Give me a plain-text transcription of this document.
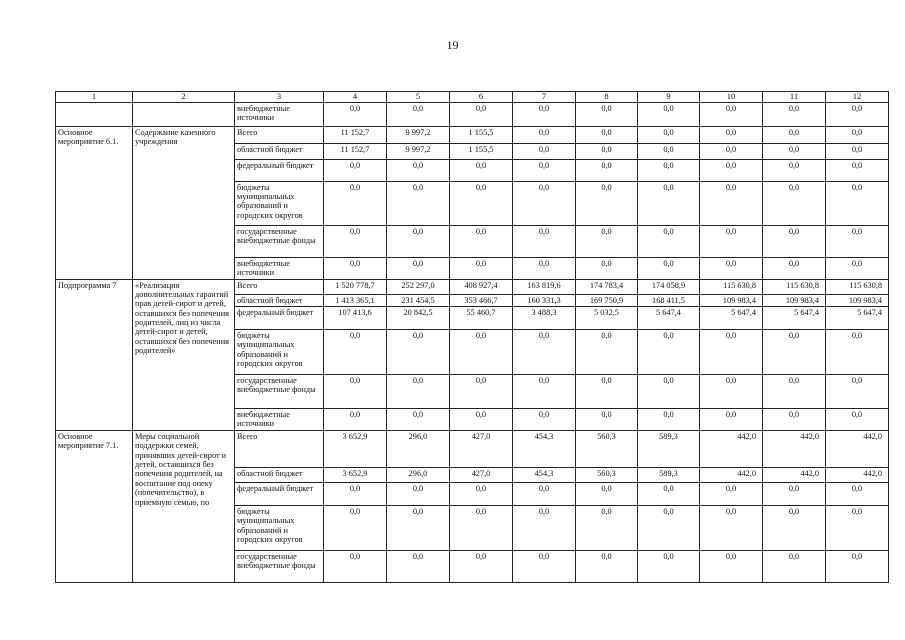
19
1	2	3	4	5	6	7	8	9	10	11	12
		внебюджетные источники	0,0	0,0	0,0	0,0	0,0	0,0	0,0	0,0	0,0
Основное мероприятие 6.1.	Содержание казенного учреждения	Всего	11 152,7	9 997,2	1 155,5	0,0	0,0	0,0	0,0	0,0	0,0
		областной бюджет	11 152,7	9 997,2	1 155,5	0,0	0,0	0,0	0,0	0,0	0,0
		федеральный бюджет	0,0	0,0	0,0	0,0	0,0	0,0	0,0	0,0	0,0
		бюджеты муниципальных образований и городских округов	0,0	0,0	0,0	0,0	0,0	0,0	0,0	0,0	0,0
		государственные внебюджетные фонды	0,0	0,0	0,0	0,0	0,0	0,0	0,0	0,0	0,0
		внебюджетные источники	0,0	0,0	0,0	0,0	0,0	0,0	0,0	0,0	0,0
Подпрограмма 7	«Реализация дополнительных гарантий прав детей-сирот и детей, оставшихся без попечения родителей, лиц из числа детей-сирот и детей, оставшихся без попечения родителей»	Всего	1 520 778,7	252 297,0	408 927,4	163 819,6	174 783,4	174 058,9	115 630,8	115 630,8	115 630,8
		областной бюджет	1 413 365,1	231 454,5	353 466,7	160 331,3	169 750,9	168 411,5	109 983,4	109 983,4	109 983,4
		федеральный бюджет	107 413,6	20 842,5	55 460,7	3 488,3	5 032,5	5 647,4	5 647,4	5 647,4	5 647,4
		бюджеты муниципальных образований и городских округов	0,0	0,0	0,0	0,0	0,0	0,0	0,0	0,0	0,0
		государственные внебюджетные фонды	0,0	0,0	0,0	0,0	0,0	0,0	0,0	0,0	0,0
		внебюджетные источники	0,0	0,0	0,0	0,0	0,0	0,0	0,0	0,0	0,0
Основное мероприятие 7.1.	Меры социальной поддержки семей, принявших детей-сирот и детей, оставшихся без попечения родителей, на воспитание под опеку (попечительство), в приемную семью, по	Всего	3 652,9	296,0	427,0	454,3	560,3	589,3	442,0	442,0	442,0
		областной бюджет	3 652,9	296,0	427,0	454,3	560,3	589,3	442,0	442,0	442,0
		федеральный бюджет	0,0	0,0	0,0	0,0	0,0	0,0	0,0	0,0	0,0
		бюджеты муниципальных образований и городских округов	0,0	0,0	0,0	0,0	0,0	0,0	0,0	0,0	0,0
		государственные внебюджетные фонды	0,0	0,0	0,0	0,0	0,0	0,0	0,0	0,0	0,0
